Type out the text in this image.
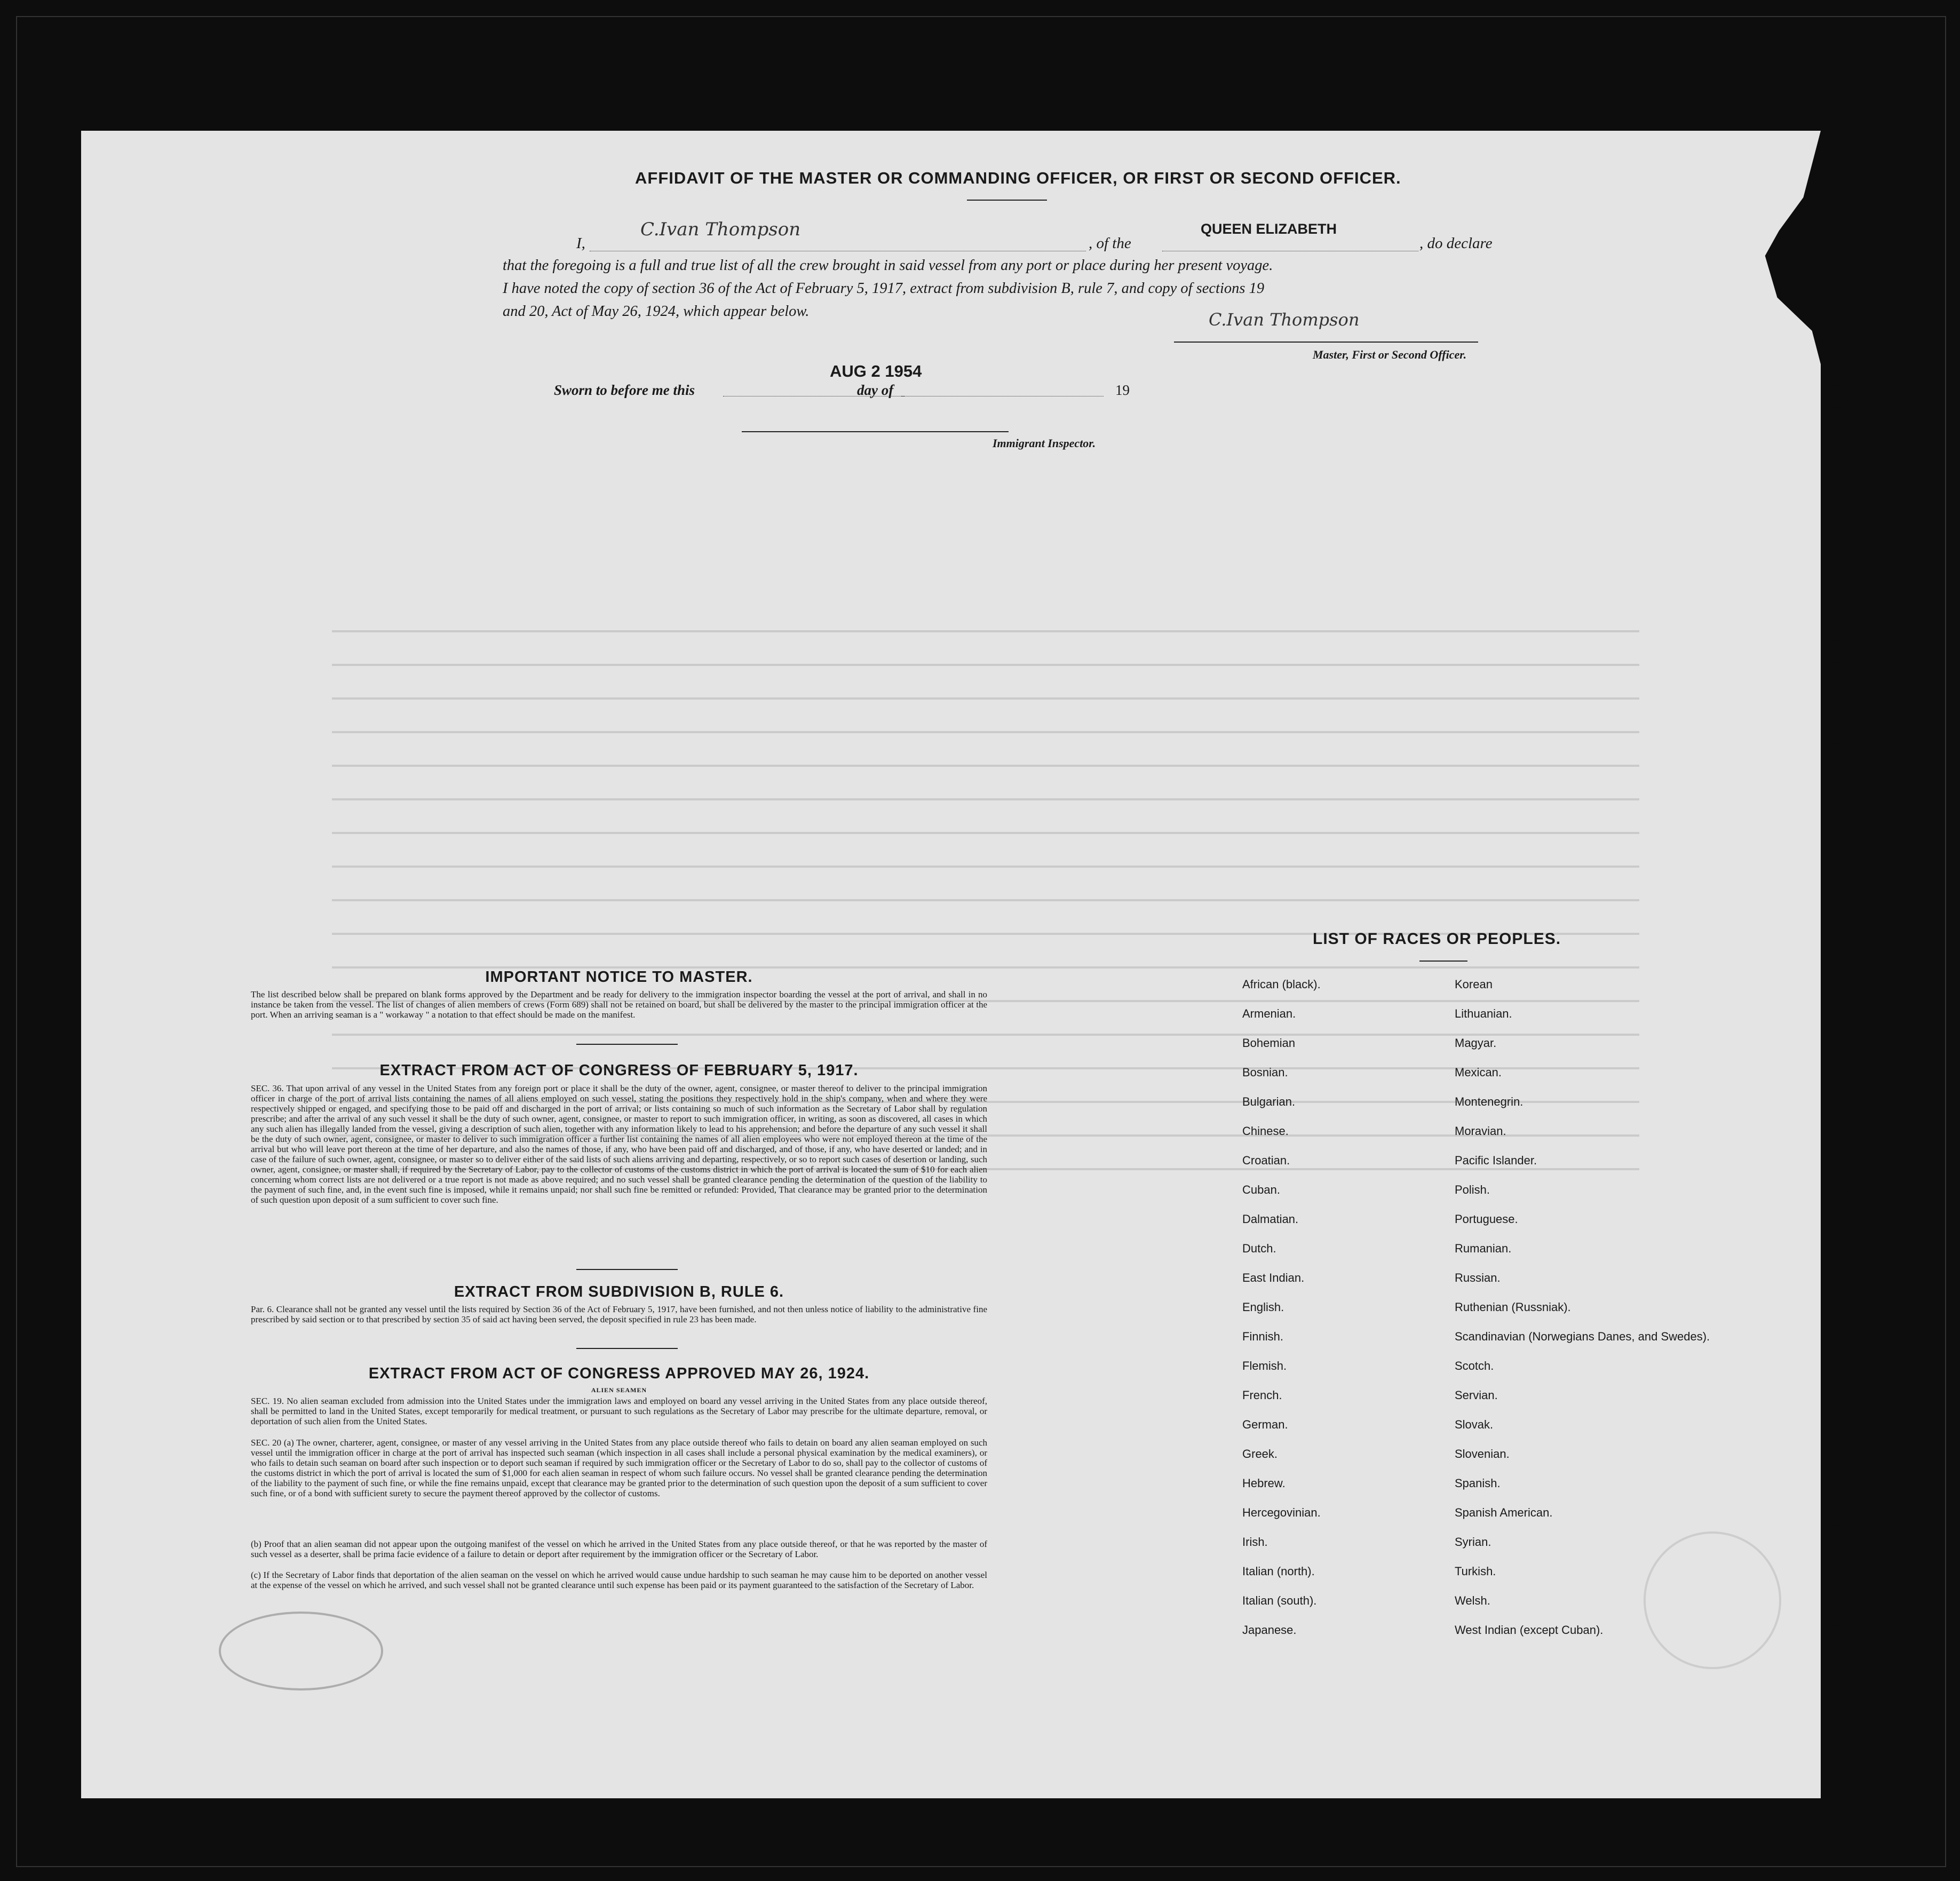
AFFIDAVIT OF THE MASTER OR COMMANDING OFFICER, OR FIRST OR SECOND OFFICER.
I,
C.Ivan Thompson
, of the
QUEEN ELIZABETH
, do declare
that the foregoing is a full and true list of all the crew brought in said vessel from any port or place during her present voyage.
I have noted the copy of section 36 of the Act of February 5, 1917, extract from subdivision B, rule 7, and copy of sections 19
and 20, Act of May 26, 1924, which appear below.	C.Ivan Thompson
Master, First or Second Officer.
Sworn to before me this
AUG 2 1954
day of	19
Immigrant Inspector.
IMPORTANT NOTICE TO MASTER.
The list described below shall be prepared on blank forms approved by the Department and be ready for delivery to the immigration inspector boarding the vessel at the port of arrival, and shall in no instance be taken from the vessel. The list of changes of alien members of crews (Form 689) shall not be retained on board, but shall be delivered by the master to the principal immigration officer at the port. When an arriving seaman is a " workaway " a notation to that effect should be made on the manifest.
EXTRACT FROM ACT OF CONGRESS OF FEBRUARY 5, 1917.
SEC. 36. That upon arrival of any vessel in the United States from any foreign port or place it shall be the duty of the owner, agent, consignee, or master thereof to deliver to the principal immigration officer in charge of the port of arrival lists containing the names of all aliens employed on such vessel, stating the positions they respectively hold in the ship's company, when and where they were respectively shipped or engaged, and specifying those to be paid off and discharged in the port of arrival; or lists containing so much of such information as the Secretary of Labor shall by regulation prescribe; and after the arrival of any such vessel it shall be the duty of such owner, agent, consignee, or master to report to such immigration officer, in writing, as soon as discovered, all cases in which any such alien has illegally landed from the vessel, giving a description of such alien, together with any information likely to lead to his apprehension; and before the departure of any such vessel it shall be the duty of such owner, agent, consignee, or master to deliver to such immigration officer a further list containing the names of all alien employees who were not employed thereon at the time of the arrival but who will leave port thereon at the time of her departure, and also the names of those, if any, who have been paid off and discharged, and of those, if any, who have deserted or landed; and in case of the failure of such owner, agent, consignee, or master so to deliver either of the said lists of such aliens arriving and departing, respectively, or so to report such cases of desertion or landing, such owner, agent, consignee, or master shall, if required by the Secretary of Labor, pay to the collector of customs of the customs district in which the port of arrival is located the sum of $10 for each alien concerning whom correct lists are not delivered or a true report is not made as above required; and no such vessel shall be granted clearance pending the determination of the question of the liability to the payment of such fine, and, in the event such fine is imposed, while it remains unpaid; nor shall such fine be remitted or refunded: Provided, That clearance may be granted prior to the determination of such question upon deposit of a sum sufficient to cover such fine.
EXTRACT FROM SUBDIVISION B, RULE 6.
Par. 6. Clearance shall not be granted any vessel until the lists required by Section 36 of the Act of February 5, 1917, have been furnished, and not then unless notice of liability to the administrative fine prescribed by said section or to that prescribed by section 35 of said act having been served, the deposit specified in rule 23 has been made.
EXTRACT FROM ACT OF CONGRESS APPROVED MAY 26, 1924.
ALIEN SEAMEN
SEC. 19. No alien seaman excluded from admission into the United States under the immigration laws and employed on board any vessel arriving in the United States from any place outside thereof, shall be permitted to land in the United States, except temporarily for medical treatment, or pursuant to such regulations as the Secretary of Labor may prescribe for the ultimate departure, removal, or deportation of such alien from the United States.
SEC. 20 (a) The owner, charterer, agent, consignee, or master of any vessel arriving in the United States from any place outside thereof who fails to detain on board any alien seaman employed on such vessel until the immigration officer in charge at the port of arrival has inspected such seaman (which inspection in all cases shall include a personal physical examination by the medical examiners), or who fails to detain such seaman on board after such inspection or to deport such seaman if required by such immigration officer or the Secretary of Labor to do so, shall pay to the collector of customs of the customs district in which the port of arrival is located the sum of $1,000 for each alien seaman in respect of whom such failure occurs. No vessel shall be granted clearance pending the determination of the liability to the payment of such fine, or while the fine remains unpaid, except that clearance may be granted prior to the determination of such question upon the deposit of a sum sufficient to cover such fine, or of a bond with sufficient surety to secure the payment thereof approved by the collector of customs.
(b) Proof that an alien seaman did not appear upon the outgoing manifest of the vessel on which he arrived in the United States from any place outside thereof, or that he was reported by the master of such vessel as a deserter, shall be prima facie evidence of a failure to detain or deport after requirement by the immigration officer or the Secretary of Labor.
(c) If the Secretary of Labor finds that deportation of the alien seaman on the vessel on which he arrived would cause undue hardship to such seaman he may cause him to be deported on another vessel at the expense of the vessel on which he arrived, and such vessel shall not be granted clearance until such expense has been paid or its payment guaranteed to the satisfaction of the Secretary of Labor.
LIST OF RACES OR PEOPLES.
African (black).
Armenian.
Bohemian
Bosnian.
Bulgarian.
Chinese.
Croatian.
Cuban.
Dalmatian.
Dutch.
East Indian.
English.
Finnish.
Flemish.
French.
German.
Greek.
Hebrew.
Hercegovinian.
Irish.
Italian (north).
Italian (south).
Japanese.
Korean
Lithuanian.
Magyar.
Mexican.
Montenegrin.
Moravian.
Pacific Islander.
Polish.
Portuguese.
Rumanian.
Russian.
Ruthenian (Russniak).
Scandinavian (Norwegians Danes, and Swedes).
Scotch.
Servian.
Slovak.
Slovenian.
Spanish.
Spanish American.
Syrian.
Turkish.
Welsh.
West Indian (except Cuban).
